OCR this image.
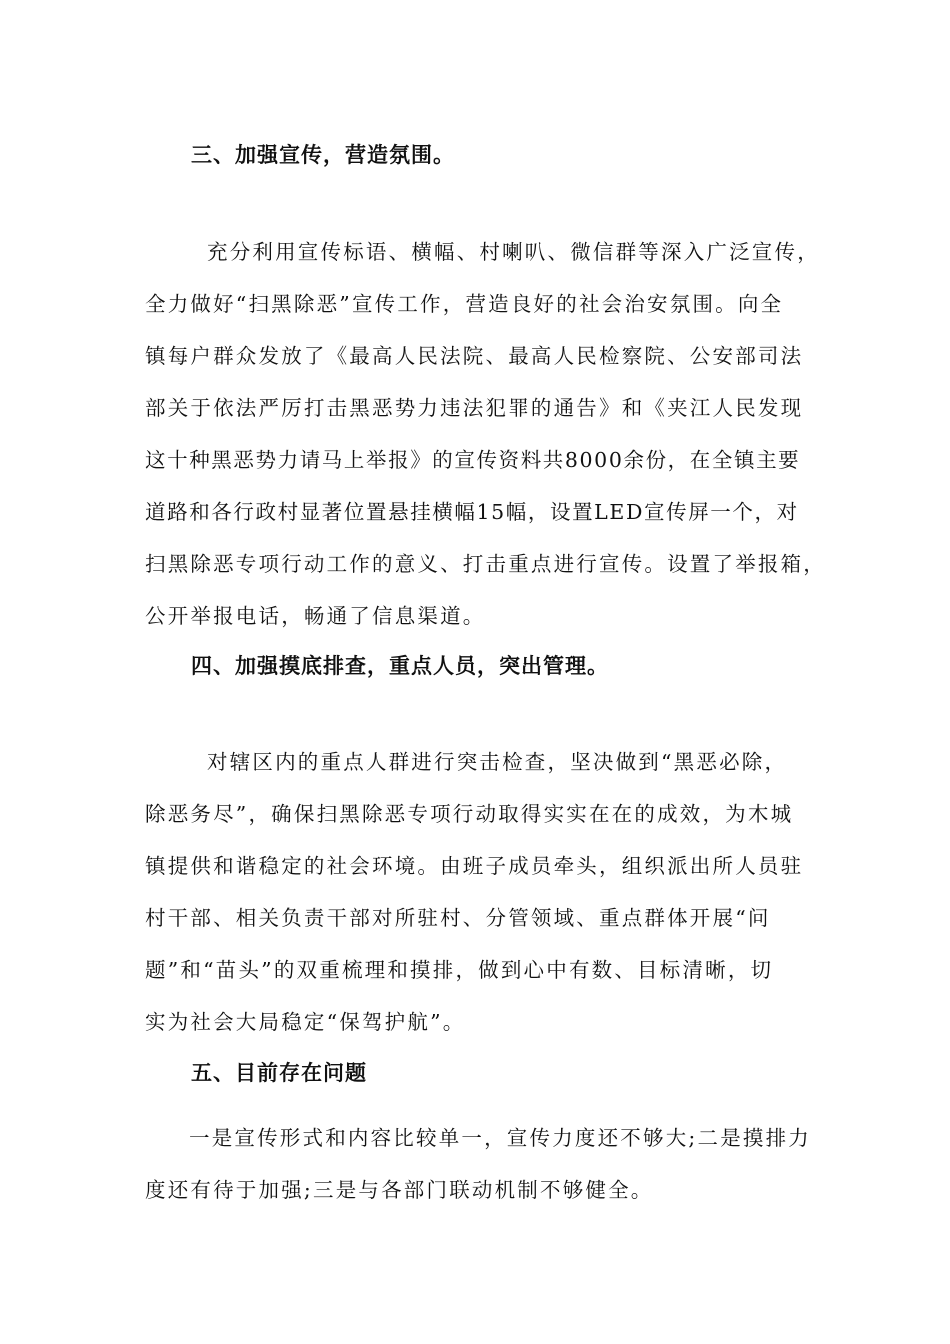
三、加强宣传，营造氛围。
充分利用宣传标语、横幅、村喇叭、微信群等深入广泛宣传，
全力做好“扫黑除恶”宣传工作，营造良好的社会治安氛围。向全
镇每户群众发放了《最高人民法院、最高人民检察院、公安部司法
部关于依法严厉打击黑恶势力违法犯罪的通告》和《夹江人民发现
这十种黑恶势力请马上举报》的宣传资料共8000余份，在全镇主要
道路和各行政村显著位置悬挂横幅15幅，设置LED宣传屏一个，对
扫黑除恶专项行动工作的意义、打击重点进行宣传。设置了举报箱，
公开举报电话，畅通了信息渠道。
四、加强摸底排查，重点人员，突出管理。
对辖区内的重点人群进行突击检查，坚决做到“黑恶必除，
除恶务尽”，确保扫黑除恶专项行动取得实实在在的成效，为木城
镇提供和谐稳定的社会环境。由班子成员牵头，组织派出所人员驻
村干部、相关负责干部对所驻村、分管领域、重点群体开展“问
题”和“苗头”的双重梳理和摸排，做到心中有数、目标清晰，切
实为社会大局稳定“保驾护航”。
五、目前存在问题
一是宣传形式和内容比较单一，宣传力度还不够大;二是摸排力
度还有待于加强;三是与各部门联动机制不够健全。
